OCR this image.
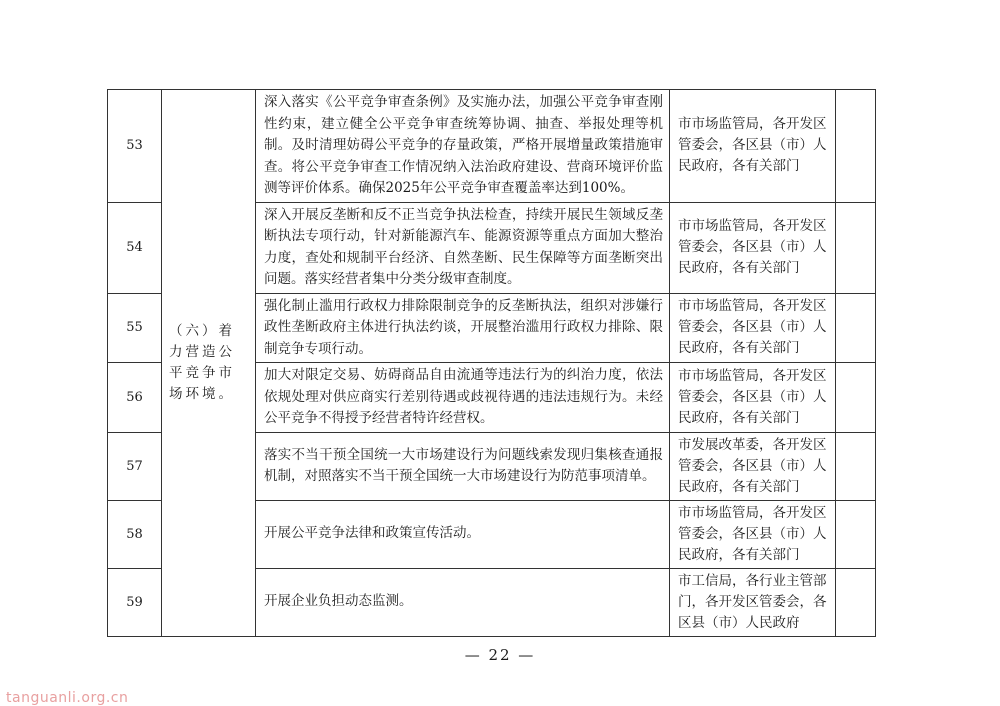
53	（六）着力营造公平竞争市场环境。	深入落实《公平竞争审查条例》及实施办法，加强公平竞争审查刚性约束，建立健全公平竞争审查统筹协调、抽查、举报处理等机制。及时清理妨碍公平竞争的存量政策，严格开展增量政策措施审查。将公平竞争审查工作情况纳入法治政府建设、营商环境评价监测等评价体系。确保2025年公平竞争审查覆盖率达到100%。	市市场监管局，各开发区管委会，各区县（市）人民政府，各有关部门	
54		深入开展反垄断和反不正当竞争执法检查，持续开展民生领域反垄断执法专项行动，针对新能源汽车、能源资源等重点方面加大整治力度，查处和规制平台经济、自然垄断、民生保障等方面垄断突出问题。落实经营者集中分类分级审查制度。	市市场监管局，各开发区管委会，各区县（市）人民政府，各有关部门	
55		强化制止滥用行政权力排除限制竞争的反垄断执法，组织对涉嫌行政性垄断政府主体进行执法约谈，开展整治滥用行政权力排除、限制竞争专项行动。	市市场监管局，各开发区管委会，各区县（市）人民政府，各有关部门	
56		加大对限定交易、妨碍商品自由流通等违法行为的纠治力度，依法依规处理对供应商实行差别待遇或歧视待遇的违法违规行为。未经公平竞争不得授予经营者特许经营权。	市市场监管局，各开发区管委会，各区县（市）人民政府，各有关部门	
57		落实不当干预全国统一大市场建设行为问题线索发现归集核查通报机制，对照落实不当干预全国统一大市场建设行为防范事项清单。	市发展改革委，各开发区管委会，各区县（市）人民政府，各有关部门	
58		开展公平竞争法律和政策宣传活动。	市市场监管局，各开发区管委会，各区县（市）人民政府，各有关部门	
59		开展企业负担动态监测。	市工信局，各行业主管部门，各开发区管委会，各区县（市）人民政府	
— 22 —
tanguanli.org.cn
